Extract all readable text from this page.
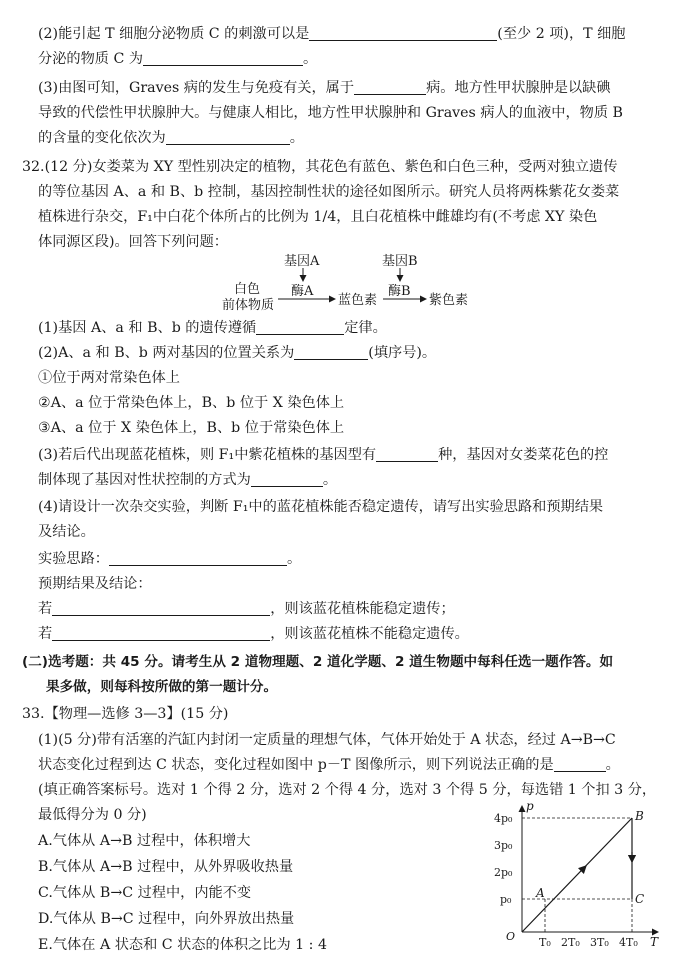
(2)能引起 T 细胞分泌物质 C 的刺激可以是	(至少 2 项)，T 细胞
分泌的物质 C 为	。
(3)由图可知，Graves 病的发生与免疫有关，属于	病。地方性甲状腺肿是以缺碘
导致的代偿性甲状腺肿大。与健康人相比，地方性甲状腺肿和 Graves 病人的血液中，物质 B
的含量的变化依次为	。
32.(12 分)女娄菜为 XY 型性别决定的植物，其花色有蓝色、紫色和白色三种，受两对独立遗传
的等位基因 A、a 和 B、b 控制，基因控制性状的途径如图所示。研究人员将两株紫花女娄菜
植株进行杂交，F₁中白花个体所占的比例为 1/4，且白花植株中雌雄均有(不考虑 XY 染色
体同源区段)。回答下列问题：
基因A	基因B
酶A	酶B
白色
前体物质	蓝色素	紫色素
(1)基因 A、a 和 B、b 的遗传遵循	定律。
(2)A、a 和 B、b 两对基因的位置关系为	(填序号)。
①位于两对常染色体上
②A、a 位于常染色体上，B、b 位于 X 染色体上
③A、a 位于 X 染色体上，B、b 位于常染色体上
(3)若后代出现蓝花植株，则 F₁中紫花植株的基因型有	种，基因对女娄菜花色的控
制体现了基因对性状控制的方式为	。
(4)请设计一次杂交实验，判断 F₁中的蓝花植株能否稳定遗传，请写出实验思路和预期结果
及结论。
实验思路：	。
预期结果及结论：
若	，则该蓝花植株能稳定遗传；
若	，则该蓝花植株不能稳定遗传。
(二)选考题：共 45 分。请考生从 2 道物理题、2 道化学题、2 道生物题中每科任选一题作答。如
果多做，则每科按所做的第一题计分。
33.【物理—选修 3—3】(15 分)
(1)(5 分)带有活塞的汽缸内封闭一定质量的理想气体，气体开始处于 A 状态，经过 A→B→C
状态变化过程到达 C 状态，变化过程如图中 p－T 图像所示，则下列说法正确的是	。
(填正确答案标号。选对 1 个得 2 分，选对 2 个得 4 分，选对 3 个得 5 分，每选错 1 个扣 3 分，
最低得分为 0 分)
A.气体从 A→B 过程中，体积增大
B.气体从 A→B 过程中，从外界吸收热量
C.气体从 B→C 过程中，内能不变
D.气体从 B→C 过程中，向外界放出热量
E.气体在 A 状态和 C 状态的体积之比为 1 : 4
p
T
O
4p₀
3p₀
2p₀
p₀
T₀ 2T₀ 3T₀ 4T₀
A
B
C
